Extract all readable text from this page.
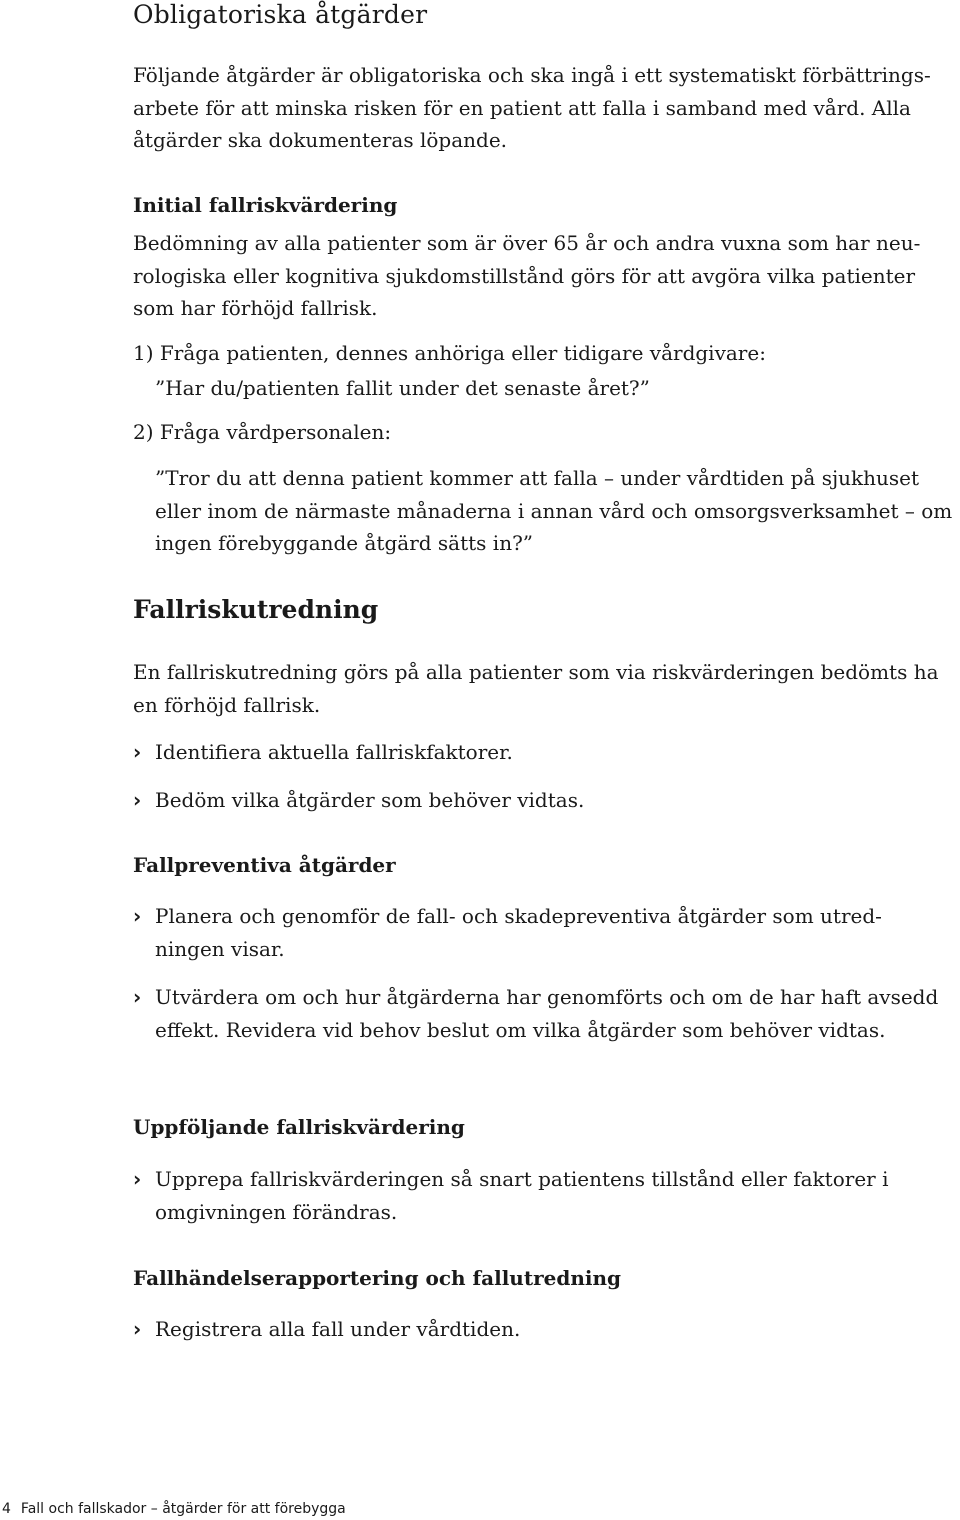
Obligatoriska åtgärder

Följande åtgärder är obligatoriska och ska ingå i ett systematiskt förbättringsarbete för att minska risken för en patient att falla i samband med vård. Alla åtgärder ska dokumenteras löpande.

Initial fallriskvärdering

Bedömning av alla patienter som är över 65 år och andra vuxna som har neurologiska eller kognitiva sjukdomstillstånd görs för att avgöra vilka patienter som har förhöjd fallrisk.

1) Fråga patienten, dennes anhöriga eller tidigare vårdgivare:

”Har du/patienten fallit under det senaste året?”

2) Fråga vårdpersonalen:

”Tror du att denna patient kommer att falla – under vårdtiden på sjukhuset eller inom de närmaste månaderna i annan vård och omsorgsverksamhet – om ingen förebyggande åtgärd sätts in?”

Fallriskutredning

En fallriskutredning görs på alla patienter som via riskvärderingen bedömts ha en förhöjd fallrisk.

› Identifiera aktuella fallriskfaktorer.
› Bedöm vilka åtgärder som behöver vidtas.
Fallpreventiva åtgärder
› Planera och genomför de fall- och skadepreventiva åtgärder som utredningen visar.
› Utvärdera om och hur åtgärderna har genomförts och om de har haft avsedd effekt. Revidera vid behov beslut om vilka åtgärder som behöver vidtas.
Uppföljande fallriskvärdering
› Upprepa fallriskvärderingen så snart patientens tillstånd eller faktorer i omgivningen förändras.
Fallhändelserapportering och fallutredning
› Registrera alla fall under vårdtiden.
4 Fall och fallskador – åtgärder för att förebygga
